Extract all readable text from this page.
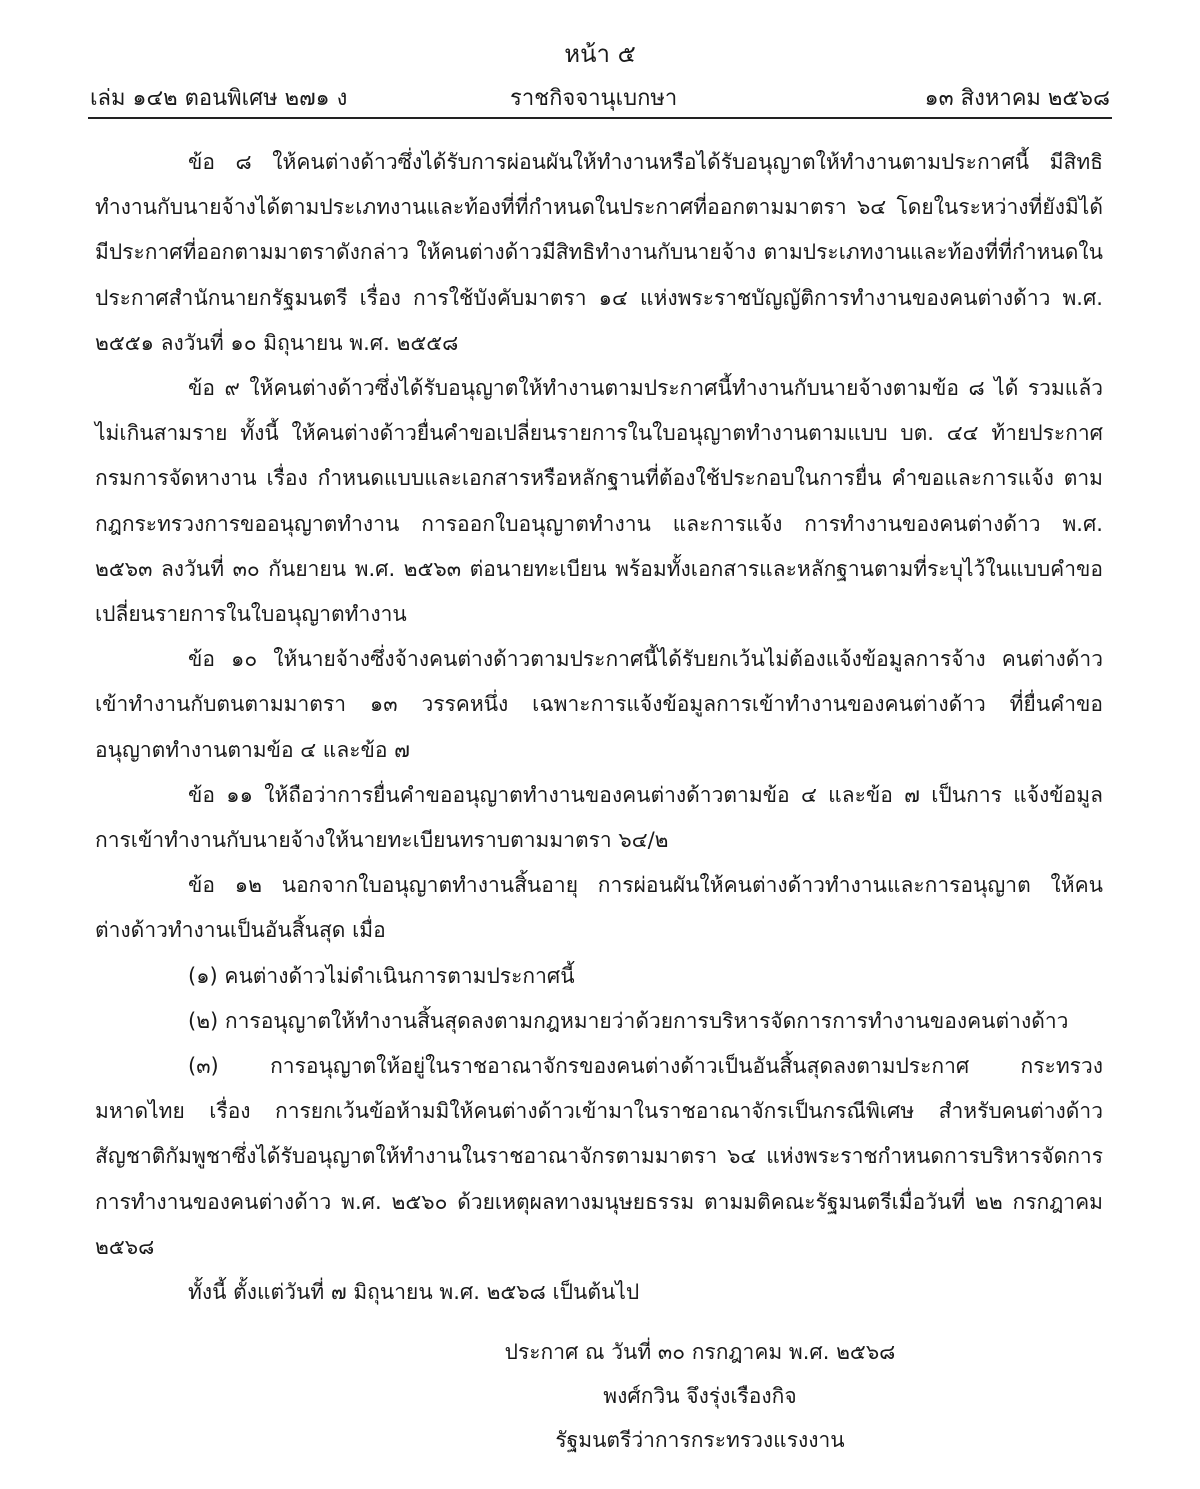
หน้า ๕
เล่ม ๑๔๒ ตอนพิเศษ ๒๗๑ ง	ราชกิจจานุเบกษา	๑๓ สิงหาคม ๒๕๖๘

ข้อ ๘ ให้คนต่างด้าวซึ่งได้รับการผ่อนผันให้ทำงานหรือได้รับอนุญาตให้ทำงานตามประกาศนี้ มีสิทธิทำงานกับนายจ้างได้ตามประเภทงานและท้องที่ที่กำหนดในประกาศที่ออกตามมาตรา ๖๔ โดยในระหว่างที่ยังมิได้มีประกาศที่ออกตามมาตราดังกล่าว ให้คนต่างด้าวมีสิทธิทำงานกับนายจ้าง ตามประเภทงานและท้องที่ที่กำหนดในประกาศสำนักนายกรัฐมนตรี เรื่อง การใช้บังคับมาตรา ๑๔ แห่งพระราชบัญญัติการทำงานของคนต่างด้าว พ.ศ. ๒๕๕๑ ลงวันที่ ๑๐ มิถุนายน พ.ศ. ๒๕๕๘

ข้อ ๙ ให้คนต่างด้าวซึ่งได้รับอนุญาตให้ทำงานตามประกาศนี้ทำงานกับนายจ้างตามข้อ ๘ ได้ รวมแล้วไม่เกินสามราย ทั้งนี้ ให้คนต่างด้าวยื่นคำขอเปลี่ยนรายการในใบอนุญาตทำงานตามแบบ บต. ๔๔ ท้ายประกาศกรมการจัดหางาน เรื่อง กำหนดแบบและเอกสารหรือหลักฐานที่ต้องใช้ประกอบในการยื่น คำขอและการแจ้ง ตามกฎกระทรวงการขออนุญาตทำงาน การออกใบอนุญาตทำงาน และการแจ้ง การทำงานของคนต่างด้าว พ.ศ. ๒๕๖๓ ลงวันที่ ๓๐ กันยายน พ.ศ. ๒๕๖๓ ต่อนายทะเบียน พร้อมทั้งเอกสารและหลักฐานตามที่ระบุไว้ในแบบคำขอเปลี่ยนรายการในใบอนุญาตทำงาน

ข้อ ๑๐ ให้นายจ้างซึ่งจ้างคนต่างด้าวตามประกาศนี้ได้รับยกเว้นไม่ต้องแจ้งข้อมูลการจ้าง คนต่างด้าวเข้าทำงานกับตนตามมาตรา ๑๓ วรรคหนึ่ง เฉพาะการแจ้งข้อมูลการเข้าทำงานของคนต่างด้าว ที่ยื่นคำขออนุญาตทำงานตามข้อ ๔ และข้อ ๗

ข้อ ๑๑ ให้ถือว่าการยื่นคำขออนุญาตทำงานของคนต่างด้าวตามข้อ ๔ และข้อ ๗ เป็นการ แจ้งข้อมูลการเข้าทำงานกับนายจ้างให้นายทะเบียนทราบตามมาตรา ๖๔/๒

ข้อ ๑๒ นอกจากใบอนุญาตทำงานสิ้นอายุ การผ่อนผันให้คนต่างด้าวทำงานและการอนุญาต ให้คนต่างด้าวทำงานเป็นอันสิ้นสุด เมื่อ

(๑) คนต่างด้าวไม่ดำเนินการตามประกาศนี้

(๒) การอนุญาตให้ทำงานสิ้นสุดลงตามกฎหมายว่าด้วยการบริหารจัดการการทำงานของคนต่างด้าว

(๓) การอนุญาตให้อยู่ในราชอาณาจักรของคนต่างด้าวเป็นอันสิ้นสุดลงตามประกาศ กระทรวงมหาดไทย เรื่อง การยกเว้นข้อห้ามมิให้คนต่างด้าวเข้ามาในราชอาณาจักรเป็นกรณีพิเศษ สำหรับคนต่างด้าวสัญชาติกัมพูชาซึ่งได้รับอนุญาตให้ทำงานในราชอาณาจักรตามมาตรา ๖๔ แห่งพระราชกำหนดการบริหารจัดการการทำงานของคนต่างด้าว พ.ศ. ๒๕๖๐ ด้วยเหตุผลทางมนุษยธรรม ตามมติคณะรัฐมนตรีเมื่อวันที่ ๒๒ กรกฎาคม ๒๕๖๘

ทั้งนี้ ตั้งแต่วันที่ ๗ มิถุนายน พ.ศ. ๒๕๖๘ เป็นต้นไป

ประกาศ ณ วันที่ ๓๐ กรกฎาคม พ.ศ. ๒๕๖๘
พงศ์กวิน จึงรุ่งเรืองกิจ
รัฐมนตรีว่าการกระทรวงแรงงาน
